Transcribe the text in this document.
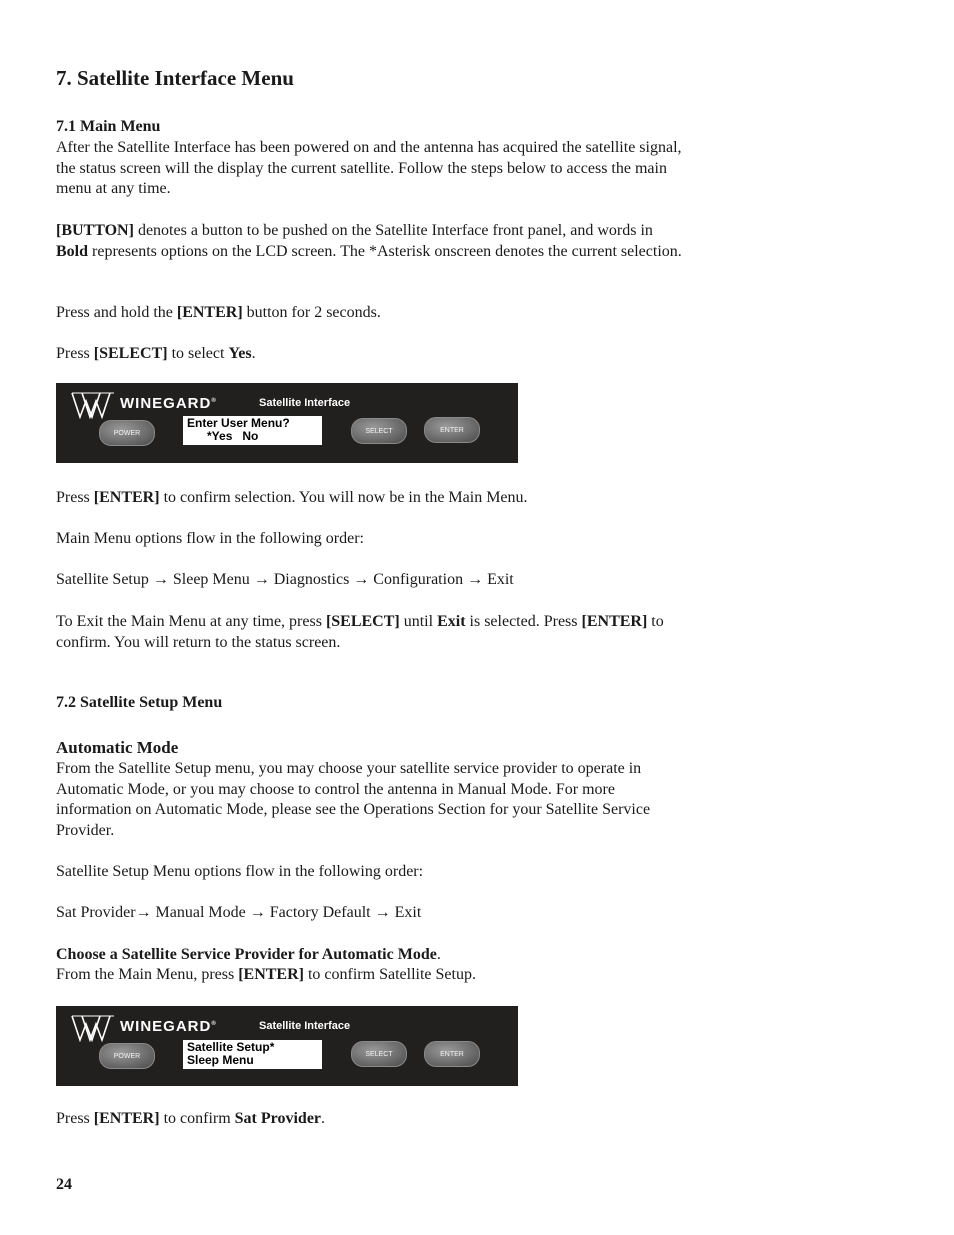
7. Satellite Interface Menu
7.1 Main Menu
After the Satellite Interface has been powered on and the antenna has acquired the satellite signal, the status screen will the display the current satellite. Follow the steps below to access the main menu at any time.
[BUTTON] denotes a button to be pushed on the Satellite Interface front panel, and words in Bold represents options on the LCD screen. The *Asterisk onscreen denotes the current selection.
Press and hold the [ENTER] button for 2 seconds.
Press [SELECT] to select Yes.
WINEGARD®	Satellite Interface
POWER
Enter User Menu?
*Yes   No	SELECT	ENTER
Press [ENTER] to confirm selection. You will now be in the Main Menu.
Main Menu options flow in the following order:
Satellite Setup → Sleep Menu → Diagnostics → Configuration → Exit
To Exit the Main Menu at any time, press [SELECT] until Exit is selected. Press [ENTER] to confirm. You will return to the status screen.
7.2 Satellite Setup Menu
Automatic Mode
From the Satellite Setup menu, you may choose your satellite service provider to operate in Automatic Mode, or you may choose to control the antenna in Manual Mode. For more information on Automatic Mode, please see the Operations Section for your Satellite Service Provider.
Satellite Setup Menu options flow in the following order:
Sat Provider→ Manual Mode → Factory Default → Exit
Choose a Satellite Service Provider for Automatic Mode.
From the Main Menu, press [ENTER] to confirm Satellite Setup.
WINEGARD®	Satellite Interface
POWER
Satellite Setup*
Sleep Menu	SELECT	ENTER
Press [ENTER] to confirm Sat Provider.
24
